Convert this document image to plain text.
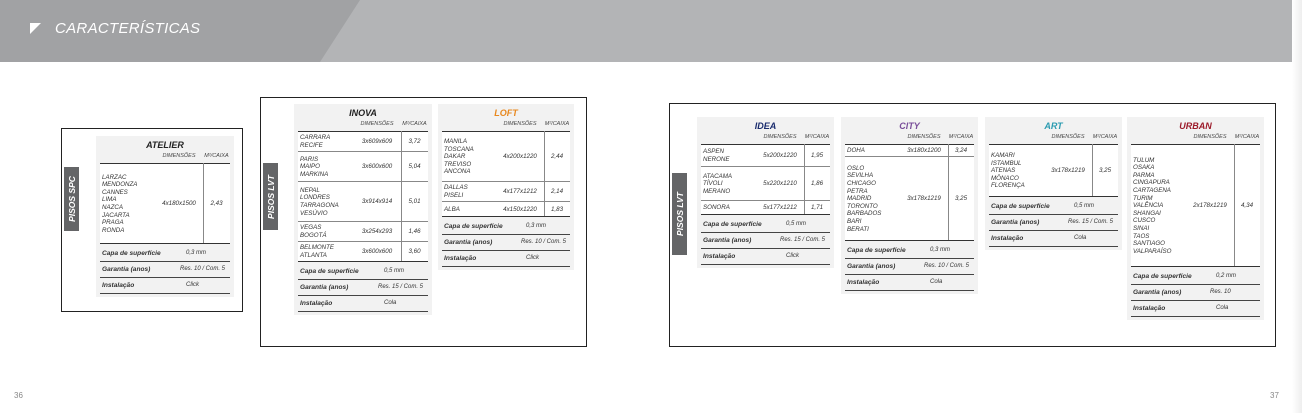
CARACTERÍSTICAS
PISOS SPC	PISOS LVT	PISOS LVT
36	37
ATELIER
DIMENSÕES	M²/CAIXA
LARZAC
MENDONZA
CANNES
LIMA
NAZCA
JACARTA
PRAGA
RONDA
4x180x1500	2,43
Capa de superfície	0,3 mm
Garantia (anos)	Res. 10 / Com. 5
Instalação	Click
INOVA
DIMENSÕES	M²/CAIXA
CARRARA
RECIFE
3x609x609	3,72
PARIS
MAIPO
MARKINA
3x600x600	5,04
NEPAL
LONDRES
TARRAGONA
VESÚVIO
3x914x914	5,01
VEGAS
BOGOTÁ
3x254x293	1,46
BELMONTE
ATLANTA
3x600x600	3,60
Capa de superfície	0,5 mm
Garantia (anos)	Res. 15 / Com. 5
Instalação	Cola
LOFT
DIMENSÕES	M²/CAIXA
MANILA
TOSCANA
DAKAR
TREVISO
ANCONA
4x200x1220	2,44
DALLAS
PISELI
4x177x1212	2,14
ALBA	4x150x1220	1,83
Capa de superfície	0,3 mm
Garantia (anos)	Res. 10 / Com. 5
Instalação	Click
IDEA
DIMENSÕES	M²/CAIXA
ASPEN
NERONE
5x200x1220	1,95
ATACAMA
TÍVOLI
MERANO
5x220x1210	1,86
SONORA	5x177x1212	1,71
Capa de superfície	0,5 mm
Garantia (anos)	Res. 15 / Com. 5
Instalação	Click
CITY
DIMENSÕES	M²/CAIXA
DOHA	3x180x1200	3,24
OSLO
SEVILHA
CHICAGO
PETRA
MADRID
TORONTO
BARBADOS
BARI
BERATI
3x178x1219	3,25
Capa de superfície	0,3 mm
Garantia (anos)	Res. 10 / Com. 5
Instalação	Cola
ART
DIMENSÕES	M²/CAIXA
KAMARI
ISTAMBUL
ATENAS
MÔNACO
FLORENÇA
3x178x1219	3,25
Capa de superfície	0,5 mm
Garantia (anos)	Res. 15 / Com. 5
Instalação	Cola
URBAN
DIMENSÕES	M²/CAIXA
TULUM
OSAKA
PARMA
CINGAPURA
CARTAGENA
TURIM
VALÊNCIA
SHANGAI
CUSCO
SINAI
TAOS
SANTIAGO
VALPARAÍSO
2x178x1219	4,34
Capa de superfície	0,2 mm
Garantia (anos)	Res. 10
Instalação	Cola
